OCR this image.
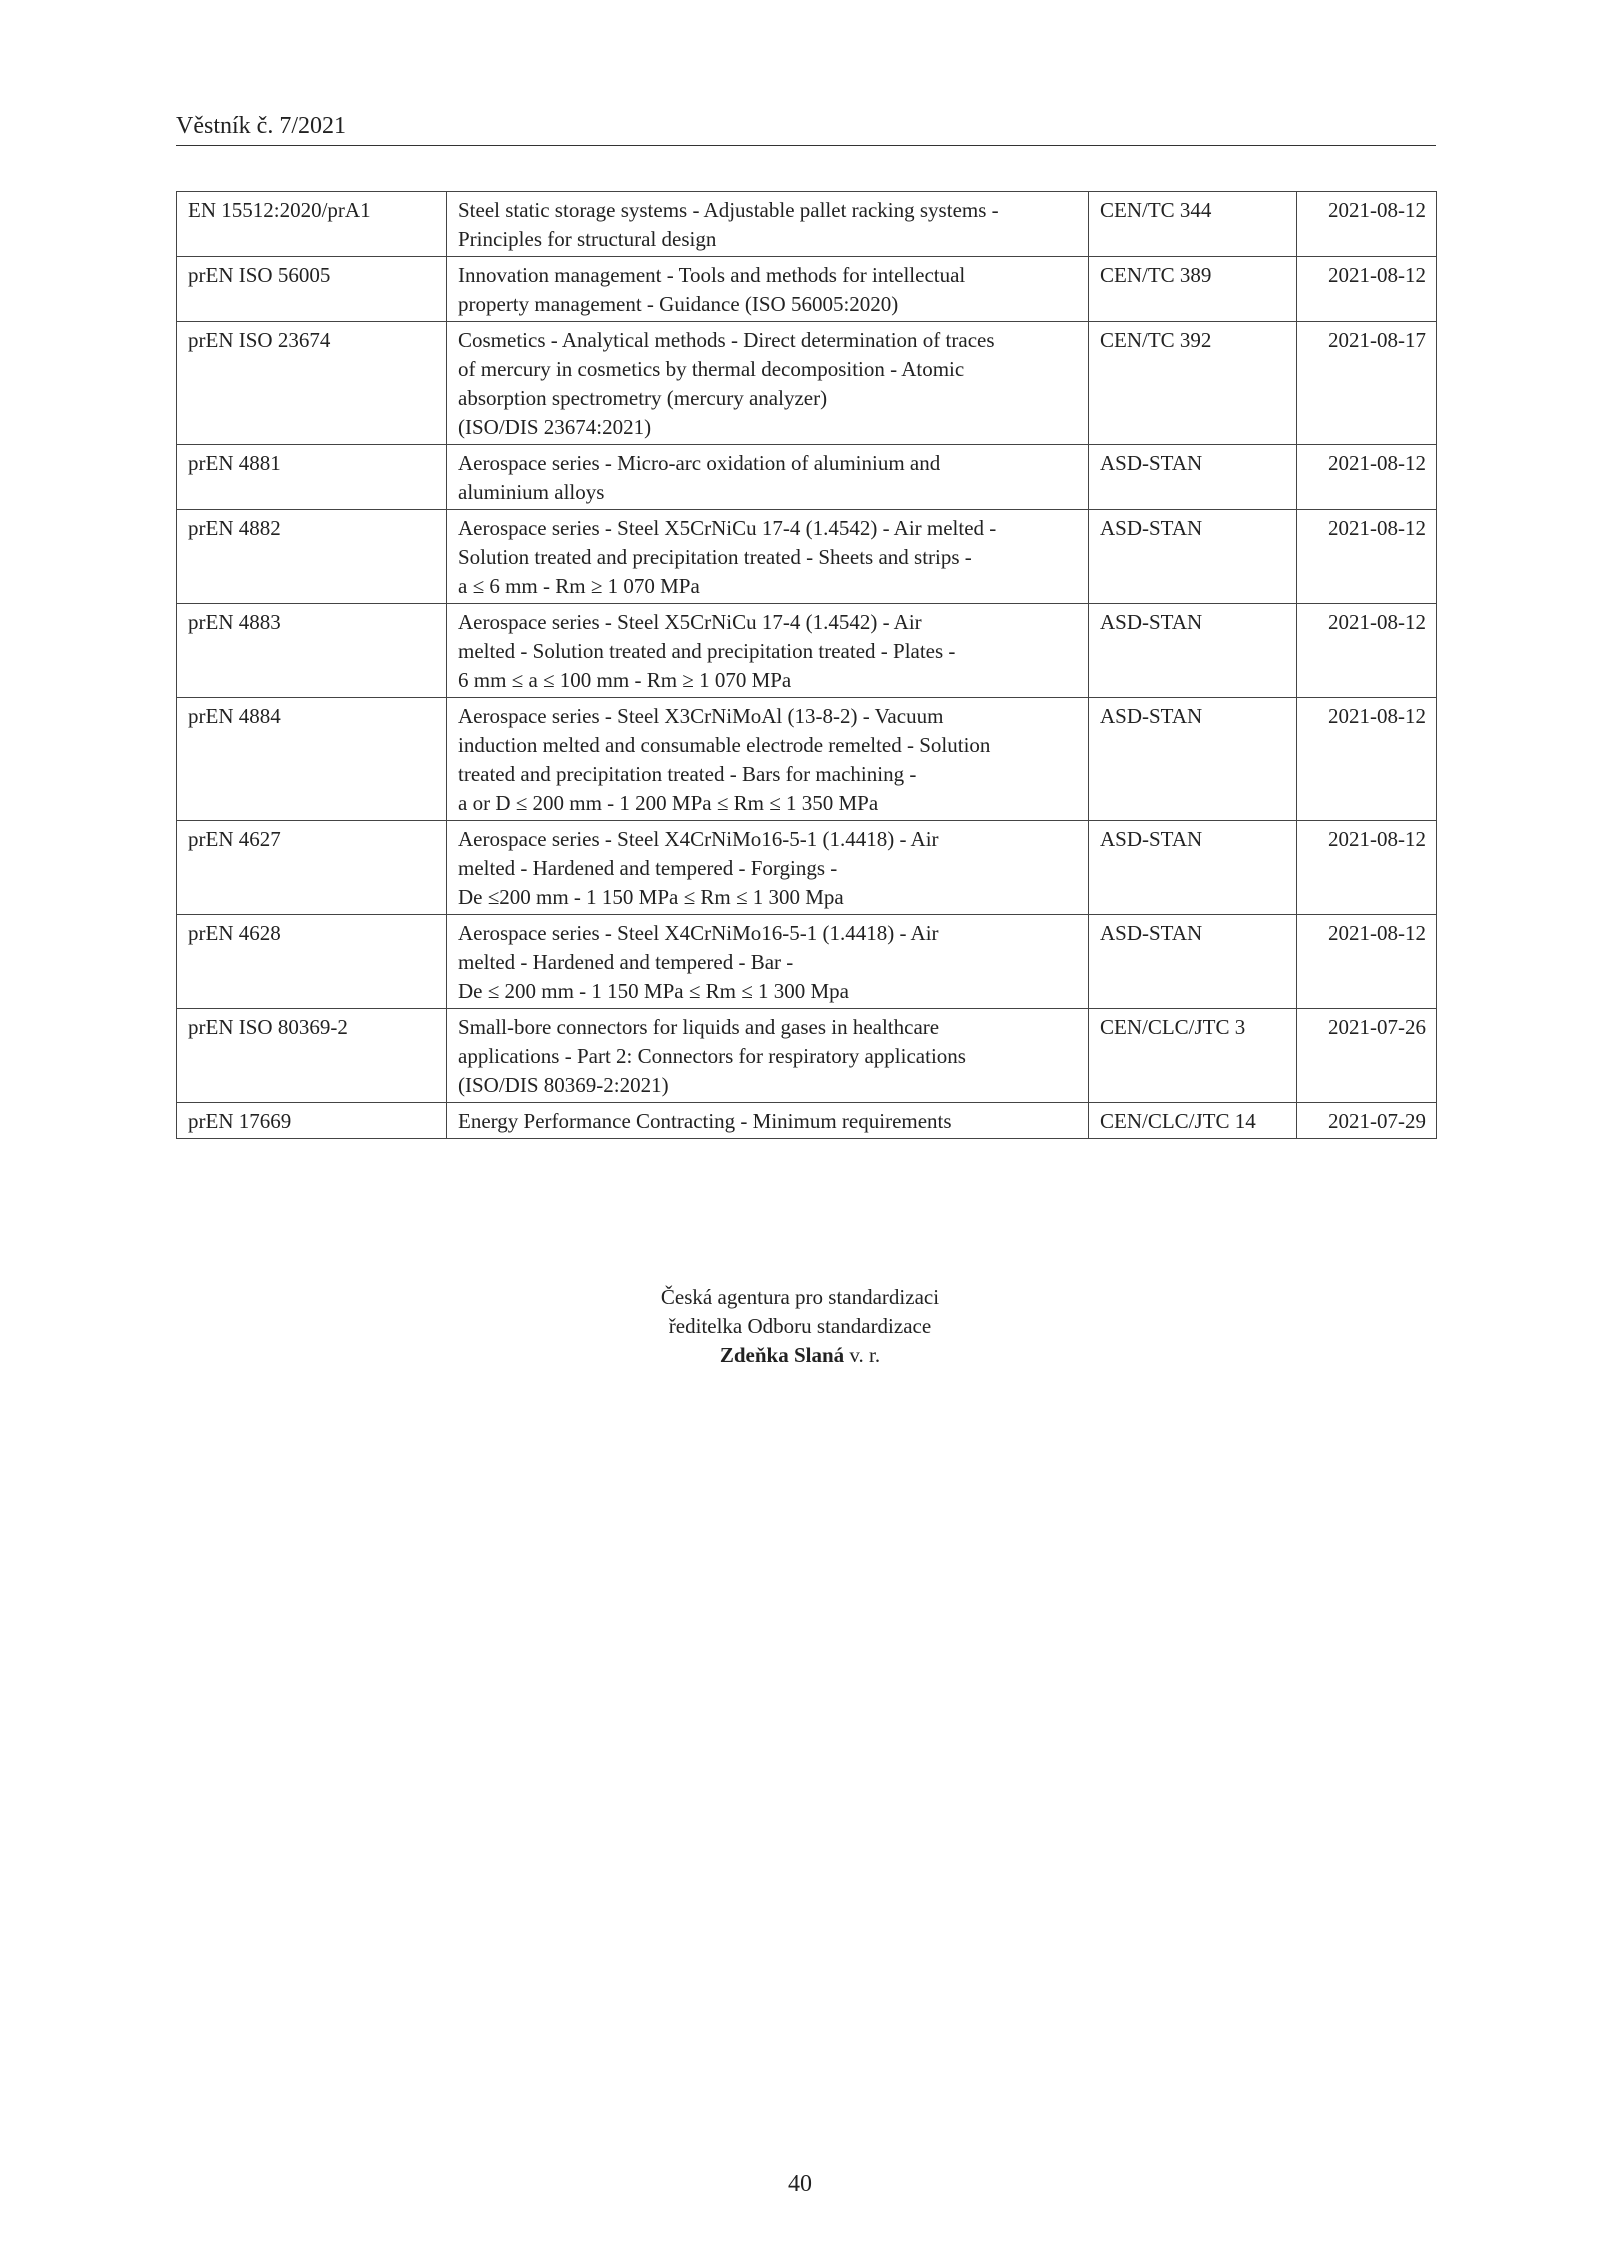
Věstník č. 7/2021
EN 15512:2020/prA1	Steel static storage systems - Adjustable pallet racking systems -
Principles for structural design	CEN/TC 344	2021-08-12
prEN ISO 56005	Innovation management - Tools and methods for intellectual
property management - Guidance (ISO 56005:2020)	CEN/TC 389	2021-08-12
prEN ISO 23674	Cosmetics - Analytical methods - Direct determination of traces
of mercury in cosmetics by thermal decomposition - Atomic
absorption spectrometry (mercury analyzer)
(ISO/DIS 23674:2021)	CEN/TC 392	2021-08-17
prEN 4881	Aerospace series - Micro-arc oxidation of aluminium and
aluminium alloys	ASD-STAN	2021-08-12
prEN 4882	Aerospace series - Steel X5CrNiCu 17-4 (1.4542) - Air melted -
Solution treated and precipitation treated - Sheets and strips -
a ≤ 6 mm - Rm ≥ 1 070 MPa	ASD-STAN	2021-08-12
prEN 4883	Aerospace series - Steel X5CrNiCu 17-4 (1.4542) - Air
melted - Solution treated and precipitation treated - Plates -
6 mm ≤ a ≤ 100 mm - Rm ≥ 1 070 MPa	ASD-STAN	2021-08-12
prEN 4884	Aerospace series - Steel X3CrNiMoAl (13-8-2) - Vacuum
induction melted and consumable electrode remelted - Solution
treated and precipitation treated - Bars for machining -
a or D ≤ 200 mm - 1 200 MPa ≤ Rm ≤ 1 350 MPa	ASD-STAN	2021-08-12
prEN 4627	Aerospace series - Steel X4CrNiMo16-5-1 (1.4418) - Air
melted - Hardened and tempered - Forgings -
De ≤200 mm - 1 150 MPa ≤ Rm ≤ 1 300 Mpa	ASD-STAN	2021-08-12
prEN 4628	Aerospace series - Steel X4CrNiMo16-5-1 (1.4418) - Air
melted - Hardened and tempered - Bar -
De ≤ 200 mm - 1 150 MPa ≤ Rm ≤ 1 300 Mpa	ASD-STAN	2021-08-12
prEN ISO 80369-2	Small-bore connectors for liquids and gases in healthcare
applications - Part 2: Connectors for respiratory applications
(ISO/DIS 80369-2:2021)	CEN/CLC/JTC 3	2021-07-26
prEN 17669	Energy Performance Contracting - Minimum requirements	CEN/CLC/JTC 14	2021-07-29
Česká agentura pro standardizaci
ředitelka Odboru standardizace
Zdeňka Slaná v. r.
40
